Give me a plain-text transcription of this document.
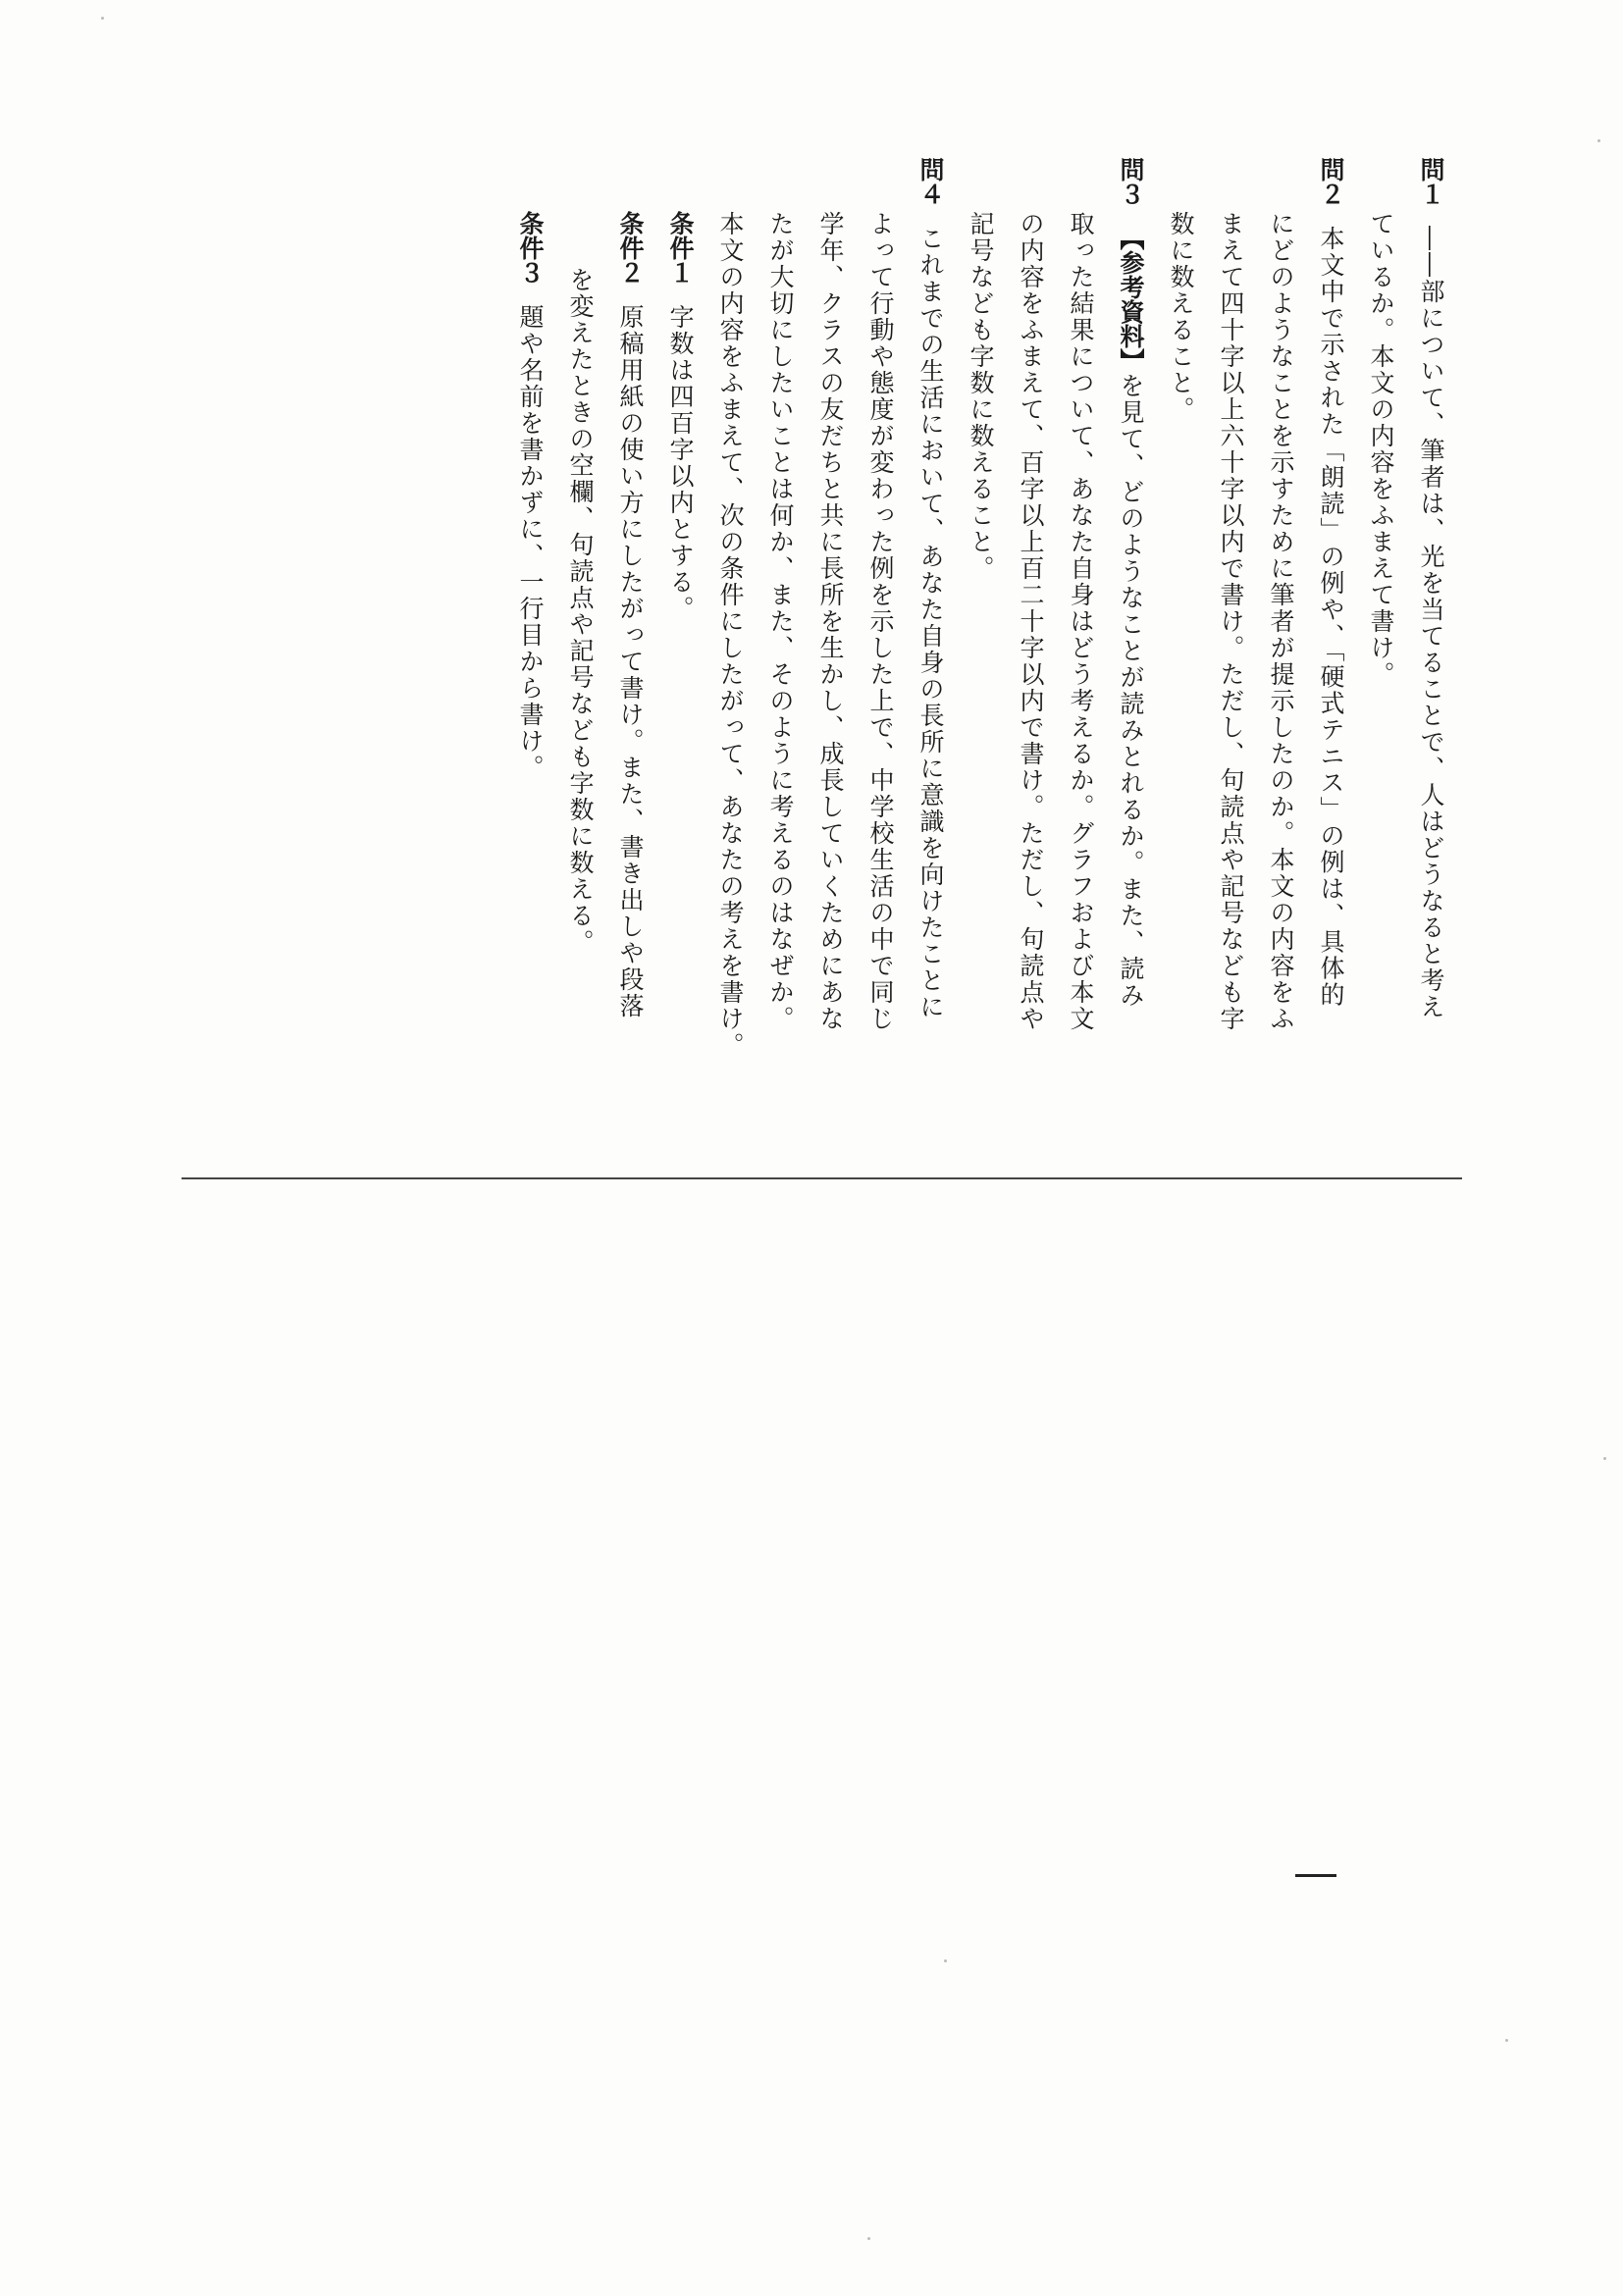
問１――部について、筆者は、光を当てることで、人はどうなると考え
ているか。本文の内容をふまえて書け。
問２本文中で示された「朗読」の例や、「硬式テニス」の例は、具体的
にどのようなことを示すために筆者が提示したのか。本文の内容をふ
まえて四十字以上六十字以内で書け。ただし、句読点や記号なども字
数に数えること。
問３【参考資料】を見て、どのようなことが読みとれるか。また、読み
取った結果について、あなた自身はどう考えるか。グラフおよび本文
の内容をふまえて、百字以上百二十字以内で書け。ただし、句読点や
記号なども字数に数えること。
問４これまでの生活において、あなた自身の長所に意識を向けたことに
よって行動や態度が変わった例を示した上で、中学校生活の中で同じ
学年、クラスの友だちと共に長所を生かし、成長していくためにあな
たが大切にしたいことは何か、また、そのように考えるのはなぜか。
本文の内容をふまえて、次の条件にしたがって、あなたの考えを書け。
条件１字数は四百字以内とする。
条件２原稿用紙の使い方にしたがって書け。また、書き出しや段落
を変えたときの空欄、句読点や記号なども字数に数える。
条件３題や名前を書かずに、一行目から書け。
